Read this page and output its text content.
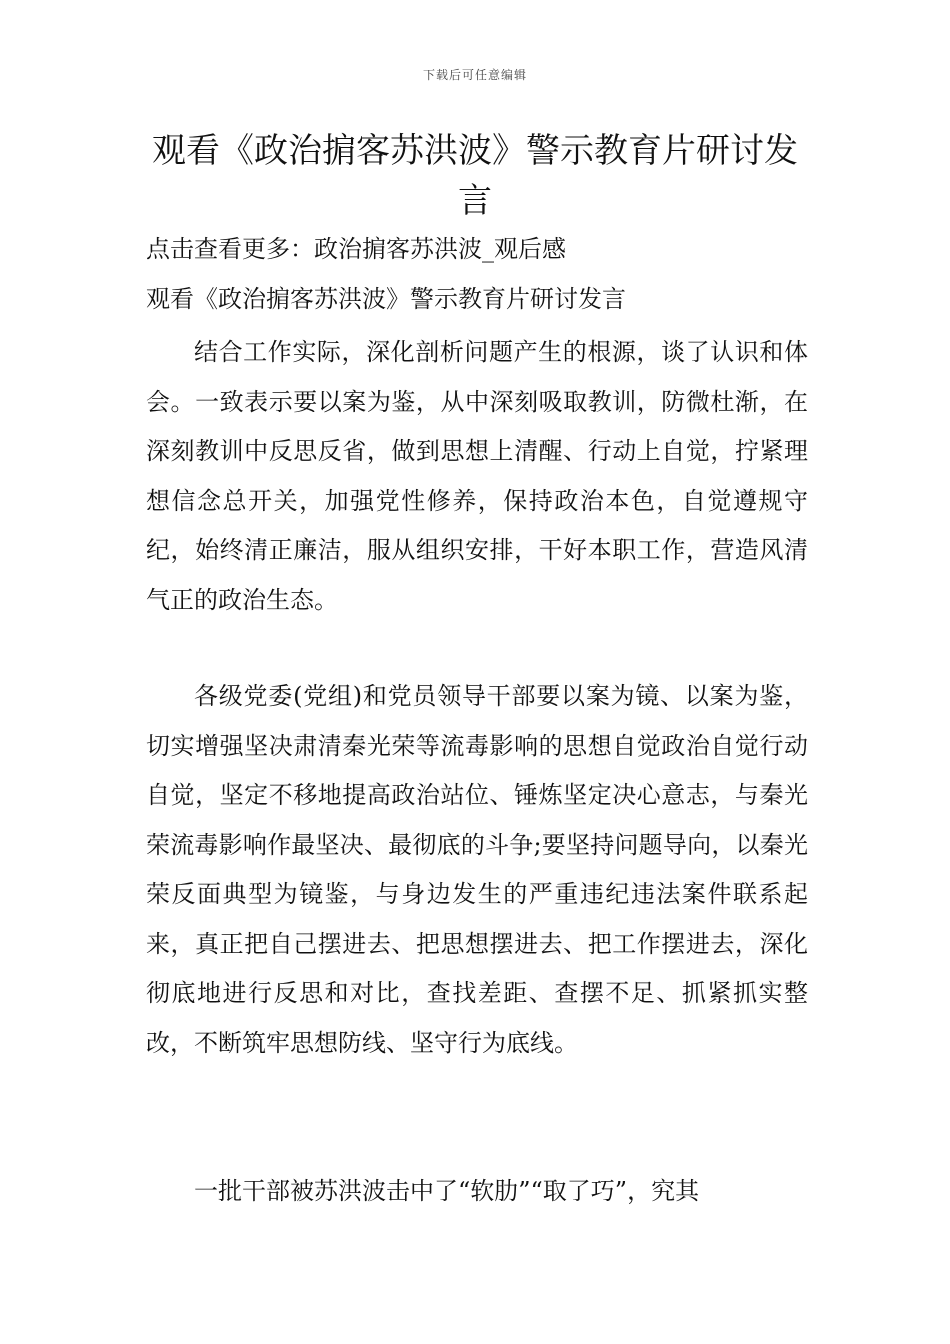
下载后可任意编辑
观看《政治掮客苏洪波》警示教育片研讨发言
点击查看更多：政治掮客苏洪波_观后感
观看《政治掮客苏洪波》警示教育片研讨发言

结合工作实际，深化剖析问题产生的根源，谈了认识和体会。一致表示要以案为鉴，从中深刻吸取教训，防微杜渐，在深刻教训中反思反省，做到思想上清醒、行动上自觉，拧紧理想信念总开关，加强党性修养，保持政治本色，自觉遵规守纪，始终清正廉洁，服从组织安排，干好本职工作，营造风清气正的政治生态。

各级党委(党组)和党员领导干部要以案为镜、以案为鉴，切实增强坚决肃清秦光荣等流毒影响的思想自觉政治自觉行动自觉，坚定不移地提高政治站位、锤炼坚定决心意志，与秦光荣流毒影响作最坚决、最彻底的斗争;要坚持问题导向，以秦光荣反面典型为镜鉴，与身边发生的严重违纪违法案件联系起来，真正把自己摆进去、把思想摆进去、把工作摆进去，深化彻底地进行反思和对比，查找差距、查摆不足、抓紧抓实整改，不断筑牢思想防线、坚守行为底线。

一批干部被苏洪波击中了“软肋”“取了巧”，究其
